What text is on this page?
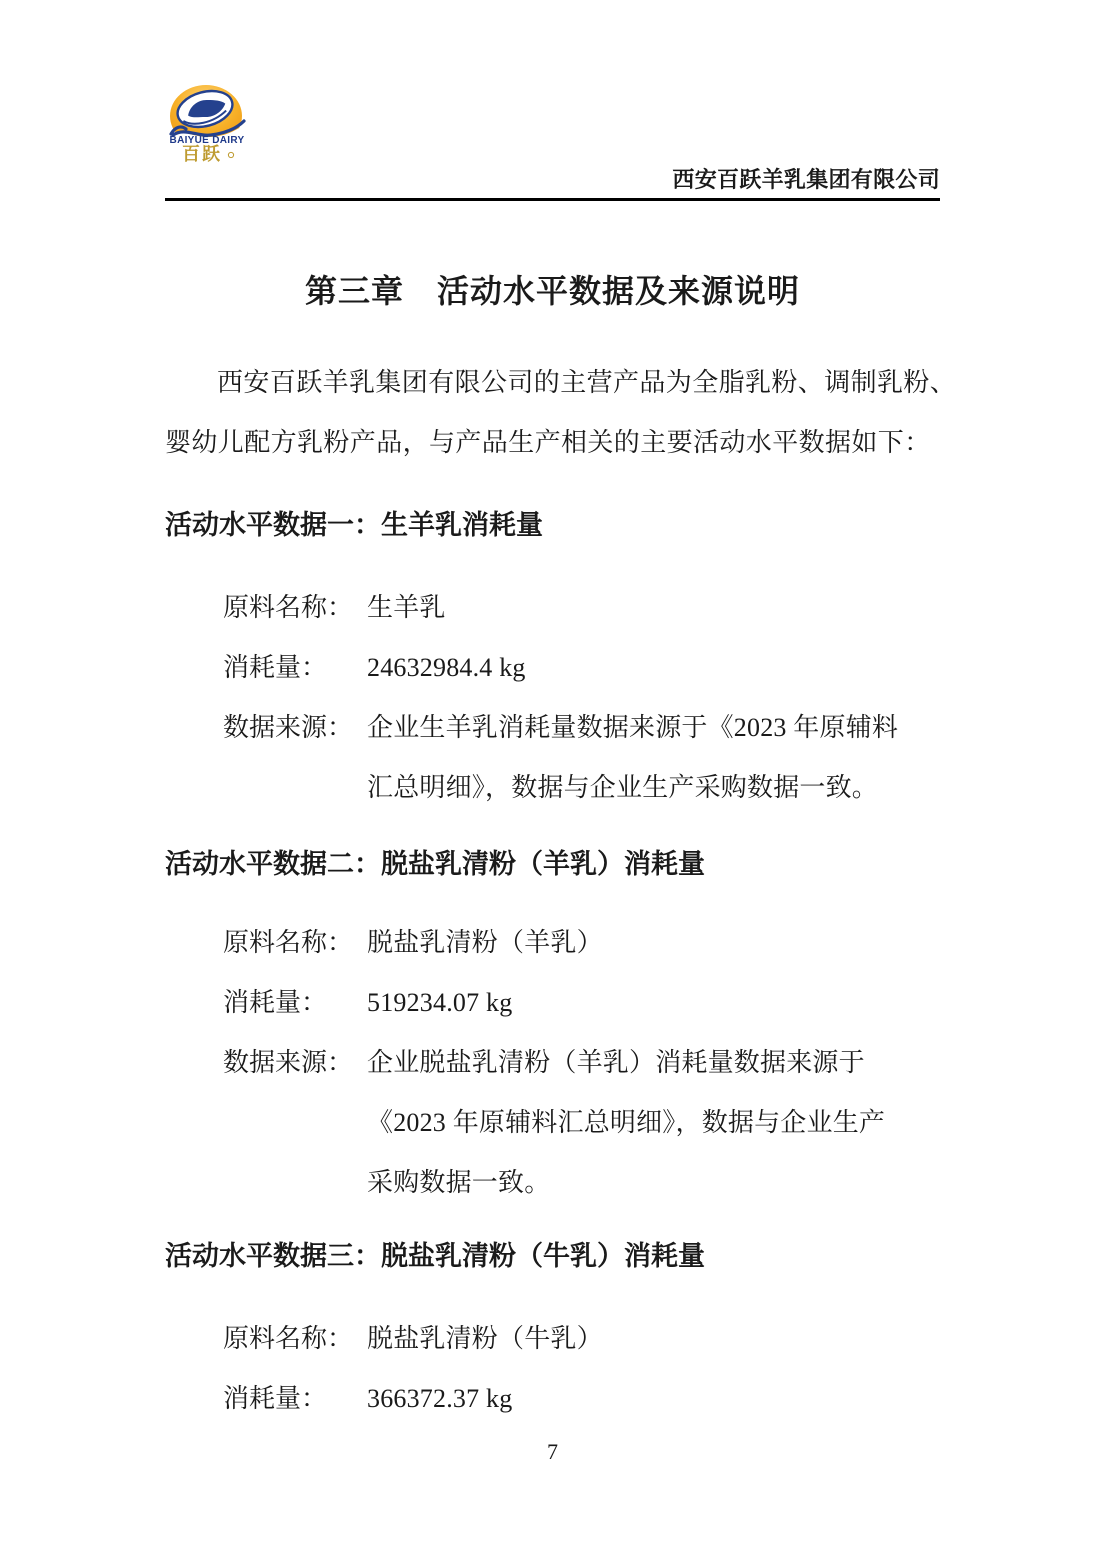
BAIYUE DAIRY
百跃
西安百跃羊乳集团有限公司
第三章　活动水平数据及来源说明
西安百跃羊乳集团有限公司的主营产品为全脂乳粉、调制乳粉、
婴幼儿配方乳粉产品，与产品生产相关的主要活动水平数据如下：
活动水平数据一：生羊乳消耗量
原料名称： 生羊乳
消耗量：	24632984.4 kg
数据来源： 企业生羊乳消耗量数据来源于《2023 年原辅料
汇总明细》，数据与企业生产采购数据一致。
活动水平数据二：脱盐乳清粉（羊乳）消耗量
原料名称： 脱盐乳清粉（羊乳）
消耗量：	519234.07 kg
数据来源： 企业脱盐乳清粉（羊乳）消耗量数据来源于
《2023 年原辅料汇总明细》，数据与企业生产
采购数据一致。
活动水平数据三：脱盐乳清粉（牛乳）消耗量
原料名称： 脱盐乳清粉（牛乳）
消耗量：	366372.37 kg
7
